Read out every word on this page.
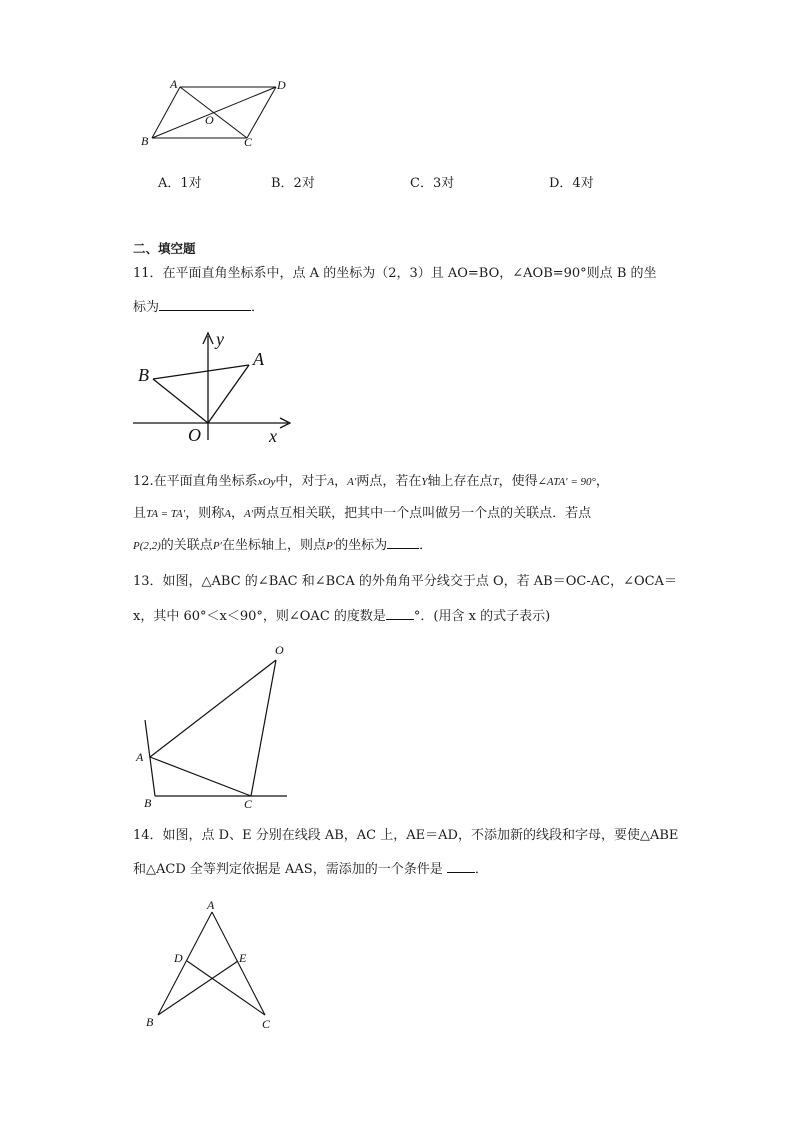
A	D
O
B	C
A．1对	B．2对	C．3对	D．4对
二、填空题
11．在平面直角坐标系中，点 A 的坐标为（2，3）且 AO=BO，∠AOB=90°则点 B 的坐
标为	．
y
x
A
B
O
12.在平面直角坐标系xOy中，对于A，A′两点，若在Y轴上存在点T，使得∠ATA′ = 90°，
且TA = TA′，则称A，A′两点互相关联，把其中一个点叫做另一个点的关联点．若点
P(2,2)的关联点P′在坐标轴上，则点P′的坐标为 ．
13．如图，△ABC 的∠BAC 和∠BCA 的外角角平分线交于点 O，若 AB＝OC-AC，∠OCA＝
x，其中 60°＜x＜90°，则∠OAC 的度数是 °．(用含 x 的式子表示)
O
A
B	C
14．如图，点 D、E 分别在线段 AB，AC 上，AE＝AD，不添加新的线段和字母，要使△ABE
和△ACD 全等判定依据是 AAS，需添加的一个条件是 ．
A
D	E
B	C
